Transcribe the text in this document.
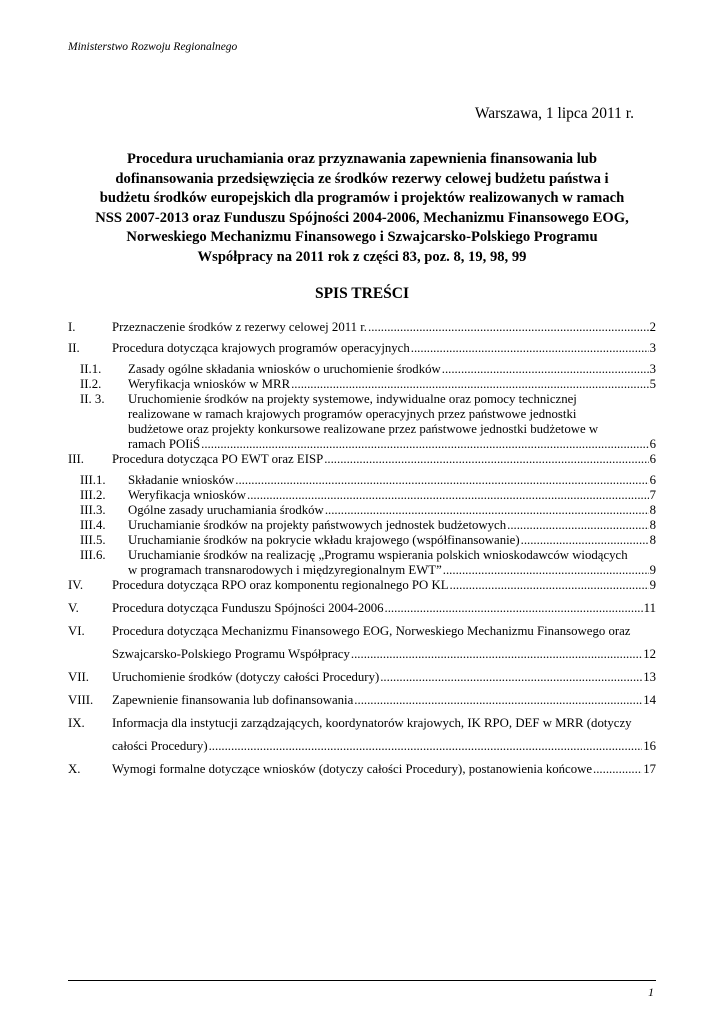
Ministerstwo Rozwoju Regionalnego
Warszawa, 1 lipca 2011 r.
Procedura uruchamiania oraz przyznawania zapewnienia finansowania lub
dofinansowania przedsięwzięcia ze środków rezerwy celowej budżetu państwa i
budżetu środków europejskich dla programów i projektów realizowanych w ramach
NSS 2007-2013 oraz Funduszu Spójności 2004-2006, Mechanizmu Finansowego EOG,
Norweskiego Mechanizmu Finansowego i Szwajcarsko-Polskiego Programu
Współpracy na 2011 rok z części 83, poz. 8, 19, 98, 99
SPIS TREŚCI
I.	Przeznaczenie środków z rezerwy celowej 2011 r. .....	2
II.	Procedura dotycząca krajowych programów operacyjnych .....	3
II.1.	Zasady ogólne składania wniosków o uruchomienie środków .....	3
II.2.	Weryfikacja wniosków w MRR .....	5
II. 3.	Uruchomienie środków na projekty systemowe, indywidualne oraz pomocy technicznej
realizowane w ramach krajowych programów operacyjnych przez państwowe jednostki
budżetowe oraz projekty konkursowe realizowane przez państwowe jednostki budżetowe w
ramach POIiŚ .....	6
III.	Procedura dotycząca PO EWT oraz EISP .....	6
III.1.	Składanie wniosków .....	6
III.2.	Weryfikacja wniosków .....	7
III.3.	Ogólne zasady uruchamiania środków .....	8
III.4.	Uruchamianie środków na projekty państwowych jednostek budżetowych .....	8
III.5.	Uruchamianie środków na pokrycie wkładu krajowego (współfinansowanie) .....	8
III.6.	Uruchamianie środków na realizację „Programu wspierania polskich wnioskodawców wiodących
w programach transnarodowych i międzyregionalnym EWT” .....	9
IV.	Procedura dotycząca RPO oraz komponentu regionalnego PO KL .....	9
V.	Procedura dotycząca Funduszu Spójności 2004-2006 .....	11
VI.	Procedura dotycząca Mechanizmu Finansowego EOG, Norweskiego Mechanizmu Finansowego oraz
Szwajcarsko-Polskiego Programu Współpracy .....	12
VII.	Uruchomienie środków (dotyczy całości Procedury) .....	13
VIII.	Zapewnienie finansowania lub dofinansowania .....	14
IX.	Informacja dla instytucji zarządzających, koordynatorów krajowych, IK RPO, DEF w MRR (dotyczy
całości Procedury) .....	16
X.	Wymogi formalne dotyczące wniosków (dotyczy całości Procedury), postanowienia końcowe .....	17
1
